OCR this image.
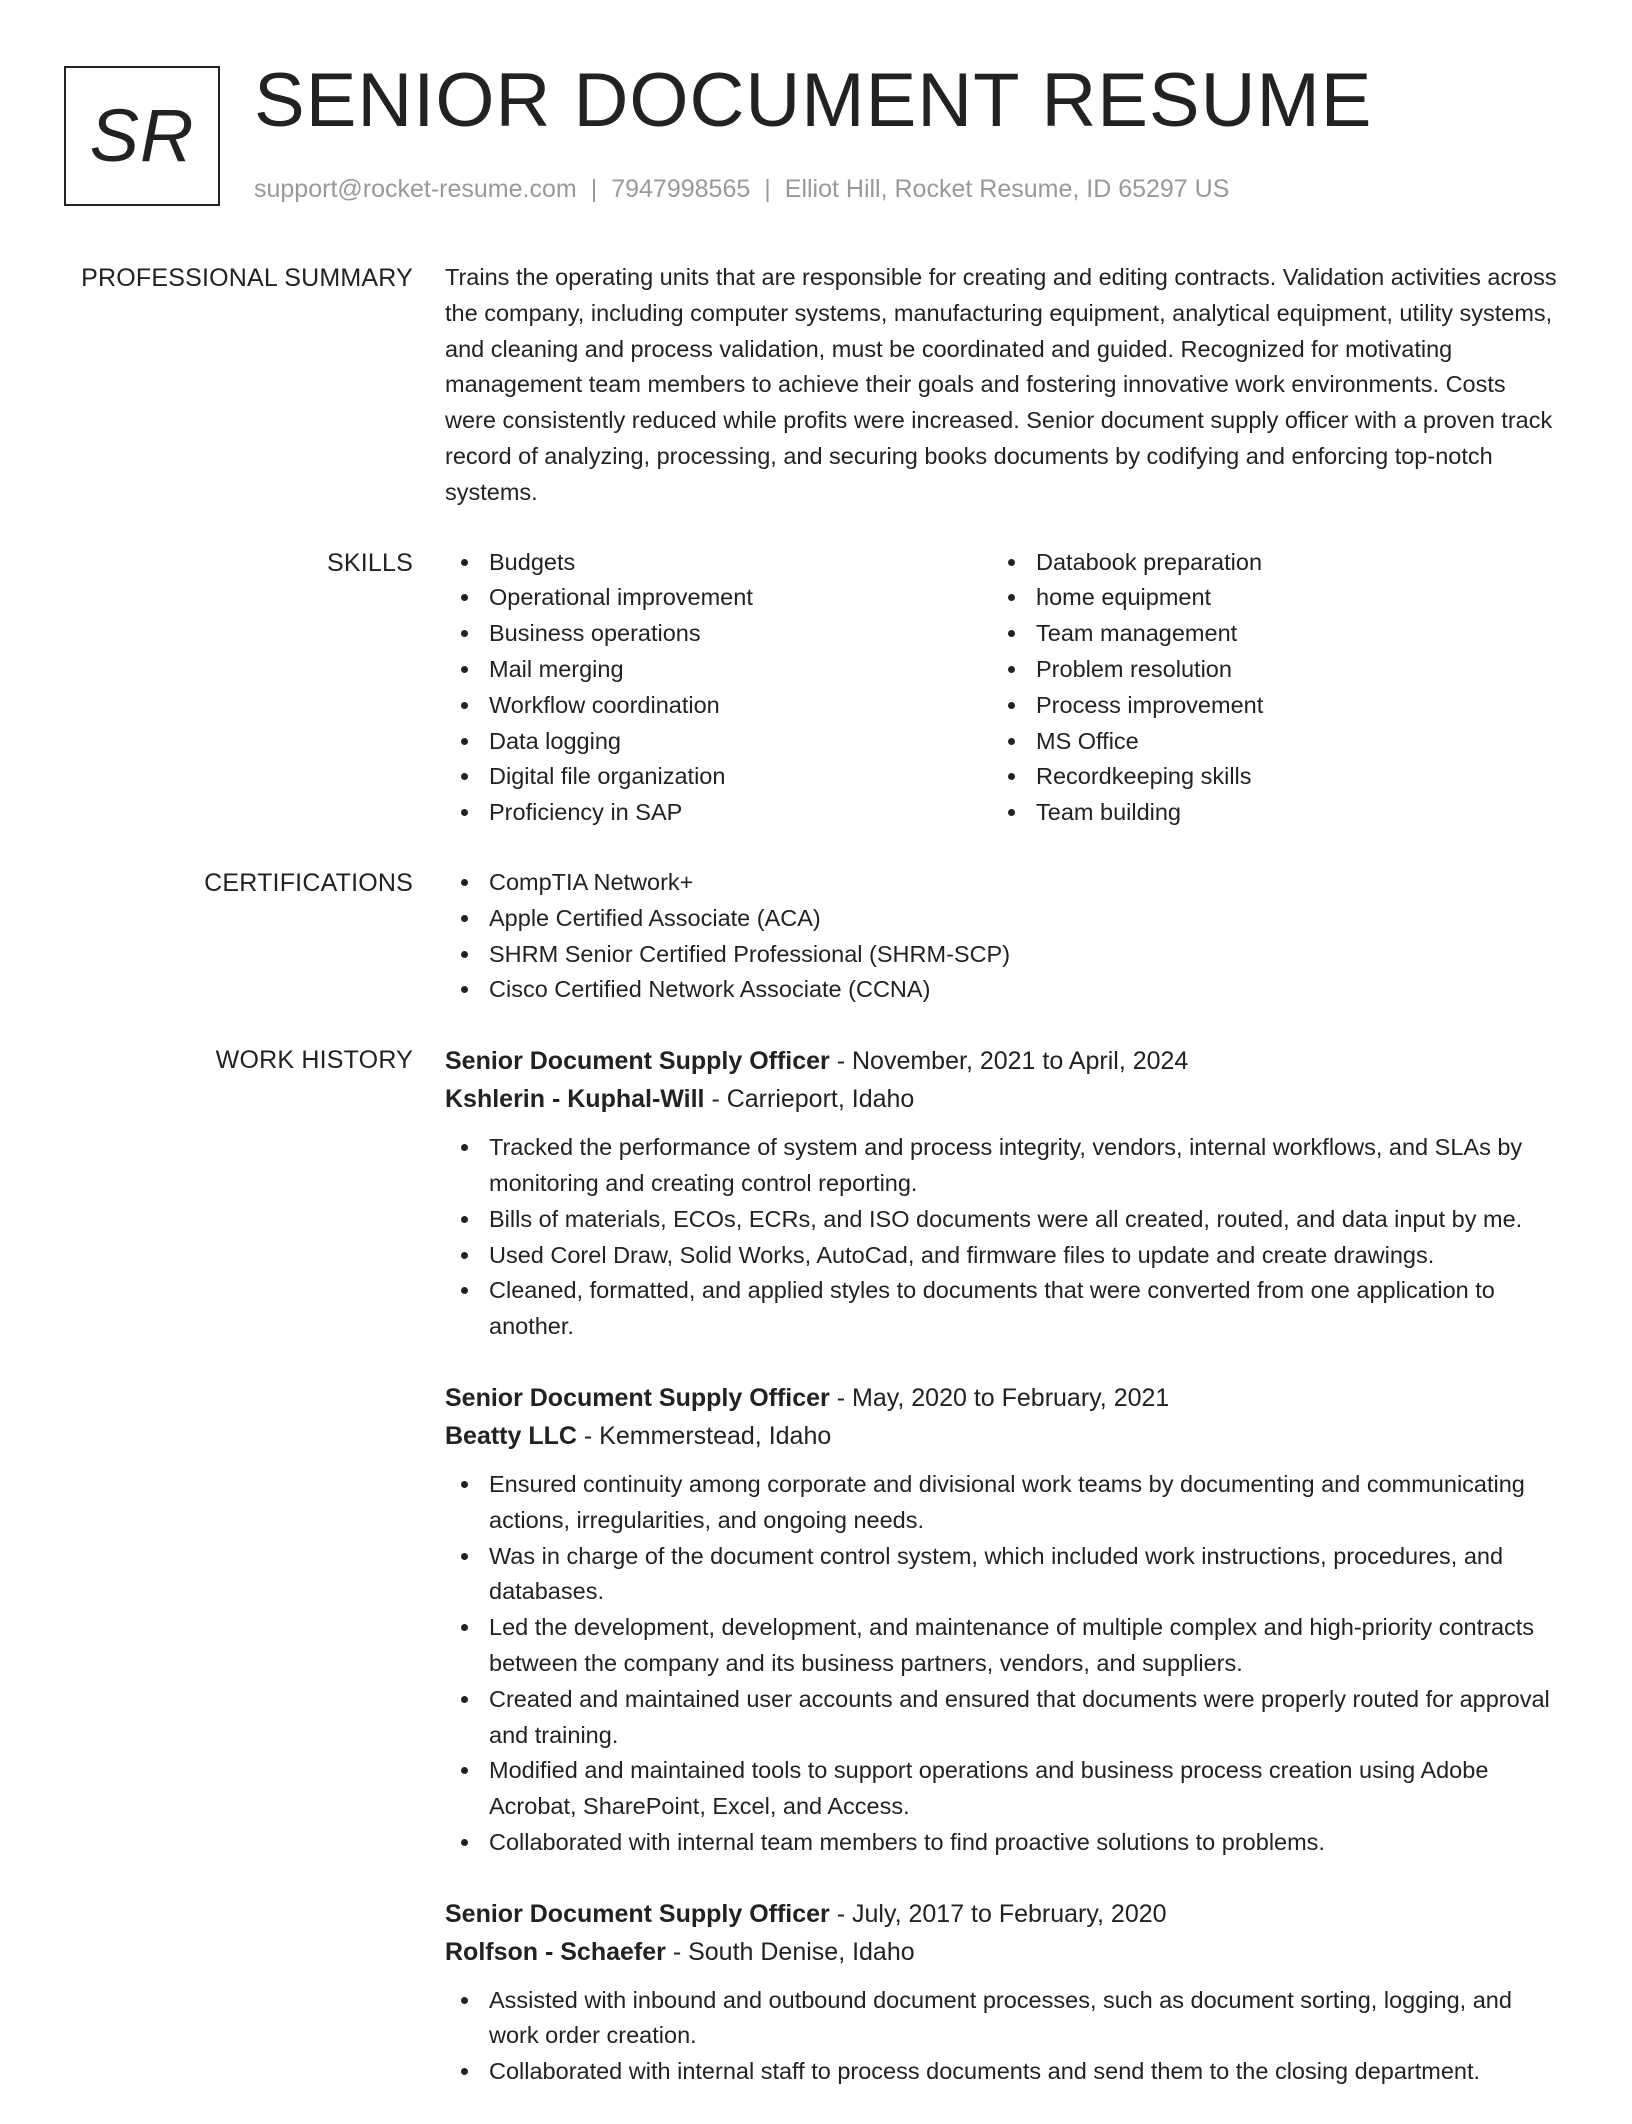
SR SENIOR DOCUMENT RESUME
support@rocket-resume.com | 7947998565 | Elliot Hill, Rocket Resume, ID 65297 US
PROFESSIONAL SUMMARY Trains the operating units that are responsible for creating and editing contracts. Validation activities across the company, including computer systems, manufacturing equipment, analytical equipment, utility systems, and cleaning and process validation, must be coordinated and guided. Recognized for motivating management team members to achieve their goals and fostering innovative work environments. Costs were consistently reduced while profits were increased. Senior document supply officer with a proven track record of analyzing, processing, and securing books documents by codifying and enforcing top-notch systems.

SKILLS	Budgets
Operational improvement
Business operations
Mail merging
Workflow coordination
Data logging
Digital file organization
Proficiency in SAP
Databook preparation
home equipment
Team management
Problem resolution
Process improvement
MS Office
Recordkeeping skills
Team building
CERTIFICATIONS	CompTIA Network+
Apple Certified Associate (ACA)
SHRM Senior Certified Professional (SHRM-SCP)
Cisco Certified Network Associate (CCNA)
WORK HISTORY Senior Document Supply Officer - November, 2021 to April, 2024
Kshlerin - Kuphal-Will - Carrieport, Idaho
Tracked the performance of system and process integrity, vendors, internal workflows, and SLAs by monitoring and creating control reporting.
Bills of materials, ECOs, ECRs, and ISO documents were all created, routed, and data input by me.
Used Corel Draw, Solid Works, AutoCad, and firmware files to update and create drawings.
Cleaned, formatted, and applied styles to documents that were converted from one application to another.
Senior Document Supply Officer - May, 2020 to February, 2021
Beatty LLC - Kemmerstead, Idaho
Ensured continuity among corporate and divisional work teams by documenting and communicating actions, irregularities, and ongoing needs.
Was in charge of the document control system, which included work instructions, procedures, and databases.
Led the development, development, and maintenance of multiple complex and high-priority contracts between the company and its business partners, vendors, and suppliers.
Created and maintained user accounts and ensured that documents were properly routed for approval and training.
Modified and maintained tools to support operations and business process creation using Adobe Acrobat, SharePoint, Excel, and Access.
Collaborated with internal team members to find proactive solutions to problems.
Senior Document Supply Officer - July, 2017 to February, 2020
Rolfson - Schaefer - South Denise, Idaho
Assisted with inbound and outbound document processes, such as document sorting, logging, and work order creation.
Collaborated with internal staff to process documents and send them to the closing department.
